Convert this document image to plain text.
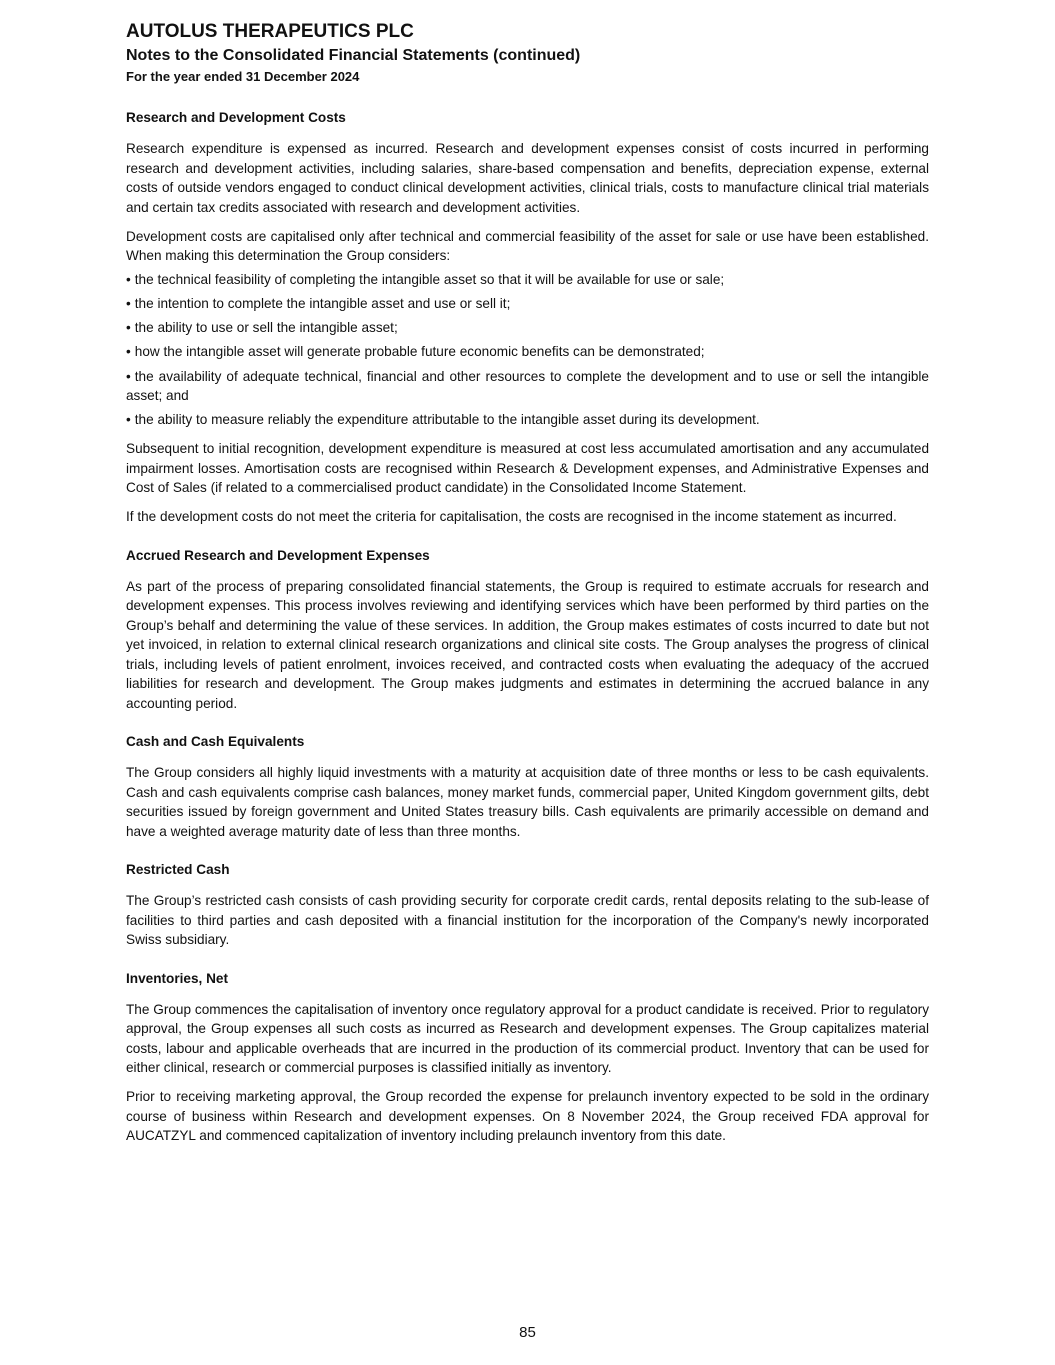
AUTOLUS THERAPEUTICS PLC
Notes to the Consolidated Financial Statements (continued)
For the year ended 31 December 2024
Research and Development Costs

Research expenditure is expensed as incurred. Research and development expenses consist of costs incurred in performing research and development activities, including salaries, share-based compensation and benefits, depreciation expense, external costs of outside vendors engaged to conduct clinical development activities, clinical trials, costs to manufacture clinical trial materials and certain tax credits associated with research and development activities.

Development costs are capitalised only after technical and commercial feasibility of the asset for sale or use have been established. When making this determination the Group considers:

• the technical feasibility of completing the intangible asset so that it will be available for use or sale;
• the intention to complete the intangible asset and use or sell it;
• the ability to use or sell the intangible asset;
• how the intangible asset will generate probable future economic benefits can be demonstrated;
• the availability of adequate technical, financial and other resources to complete the development and to use or sell the intangible asset; and
• the ability to measure reliably the expenditure attributable to the intangible asset during its development.

Subsequent to initial recognition, development expenditure is measured at cost less accumulated amortisation and any accumulated impairment losses. Amortisation costs are recognised within Research & Development expenses, and Administrative Expenses and Cost of Sales (if related to a commercialised product candidate) in the Consolidated Income Statement.

If the development costs do not meet the criteria for capitalisation, the costs are recognised in the income statement as incurred.

Accrued Research and Development Expenses

As part of the process of preparing consolidated financial statements, the Group is required to estimate accruals for research and development expenses. This process involves reviewing and identifying services which have been performed by third parties on the Group’s behalf and determining the value of these services. In addition, the Group makes estimates of costs incurred to date but not yet invoiced, in relation to external clinical research organizations and clinical site costs. The Group analyses the progress of clinical trials, including levels of patient enrolment, invoices received, and contracted costs when evaluating the adequacy of the accrued liabilities for research and development. The Group makes judgments and estimates in determining the accrued balance in any accounting period.

Cash and Cash Equivalents

The Group considers all highly liquid investments with a maturity at acquisition date of three months or less to be cash equivalents. Cash and cash equivalents comprise cash balances, money market funds, commercial paper, United Kingdom government gilts, debt securities issued by foreign government and United States treasury bills. Cash equivalents are primarily accessible on demand and have a weighted average maturity date of less than three months.

Restricted Cash

The Group’s restricted cash consists of cash providing security for corporate credit cards, rental deposits relating to the sub-lease of facilities to third parties and cash deposited with a financial institution for the incorporation of the Company's newly incorporated Swiss subsidiary.

Inventories, Net

The Group commences the capitalisation of inventory once regulatory approval for a product candidate is received. Prior to regulatory approval, the Group expenses all such costs as incurred as Research and development expenses. The Group capitalizes material costs, labour and applicable overheads that are incurred in the production of its commercial product. Inventory that can be used for either clinical, research or commercial purposes is classified initially as inventory.

Prior to receiving marketing approval, the Group recorded the expense for prelaunch inventory expected to be sold in the ordinary course of business within Research and development expenses. On 8 November 2024, the Group received FDA approval for AUCATZYL and commenced capitalization of inventory including prelaunch inventory from this date.

85
